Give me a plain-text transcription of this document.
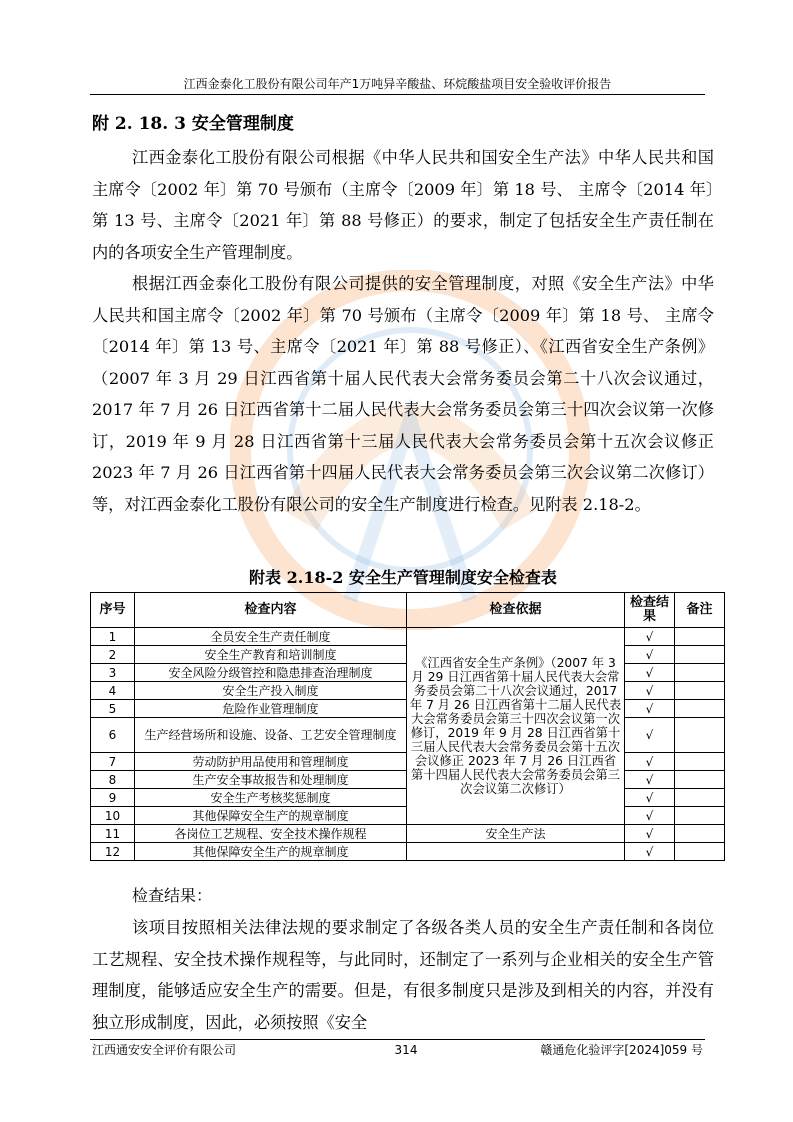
江西金泰化工股份有限公司年产1万吨异辛酸盐、环烷酸盐项目安全验收评价报告
附 2. 18. 3 安全管理制度

江西金泰化工股份有限公司根据《中华人民共和国安全生产法》中华人民共和国主席令〔2002 年〕第 70 号颁布（主席令〔2009 年〕第 18 号、 主席令〔2014 年〕第 13 号、主席令〔2021 年〕第 88 号修正）的要求，制定了包括安全生产责任制在内的各项安全生产管理制度。

根据江西金泰化工股份有限公司提供的安全管理制度，对照《安全生产法》中华人民共和国主席令〔2002 年〕第 70 号颁布（主席令〔2009 年〕第 18 号、 主席令〔2014 年〕第 13 号、主席令〔2021 年〕第 88 号修正）、《江西省安全生产条例》（2007 年 3 月 29 日江西省第十届人民代表大会常务委员会第二十八次会议通过，2017 年 7 月 26 日江西省第十二届人民代表大会常务委员会第三十四次会议第一次修订，2019 年 9 月 28 日江西省第十三届人民代表大会常务委员会第十五次会议修正 2023 年 7 月 26 日江西省第十四届人民代表大会常务委员会第三次会议第二次修订）等，对江西金泰化工股份有限公司的安全生产制度进行检查。见附表 2.18-2。

附表 2.18-2 安全生产管理制度安全检查表
序号	检查内容	检查依据	检查结果	备注
1	全员安全生产责任制度	《江西省安全生产条例》（2007 年 3 月 29 日江西省第十届人民代表大会常务委员会第二十八次会议通过，2017 年 7 月 26 日江西省第十二届人民代表大会常务委员会第三十四次会议第一次修订，2019 年 9 月 28 日江西省第十三届人民代表大会常务委员会第十五次会议修正 2023 年 7 月 26 日江西省第十四届人民代表大会常务委员会第三次会议第二次修订）	√	
2	安全生产教育和培训制度		√	
3	安全风险分级管控和隐患排查治理制度		√	
4	安全生产投入制度		√	
5	危险作业管理制度		√	
6	生产经营场所和设施、设备、工艺安全管理制度		√	
7	劳动防护用品使用和管理制度		√	
8	生产安全事故报告和处理制度		√	
9	安全生产考核奖惩制度		√	
10	其他保障安全生产的规章制度		√	
11	各岗位工艺规程、安全技术操作规程	安全生产法	√	
12	其他保障安全生产的规章制度		√	
检查结果：

该项目按照相关法律法规的要求制定了各级各类人员的安全生产责任制和各岗位工艺规程、安全技术操作规程等，与此同时，还制定了一系列与企业相关的安全生产管理制度，能够适应安全生产的需要。但是，有很多制度只是涉及到相关的内容，并没有独立形成制度，因此，必须按照《安全

江西通安安全评价有限公司	314	赣通危化验评字[2024]059 号
